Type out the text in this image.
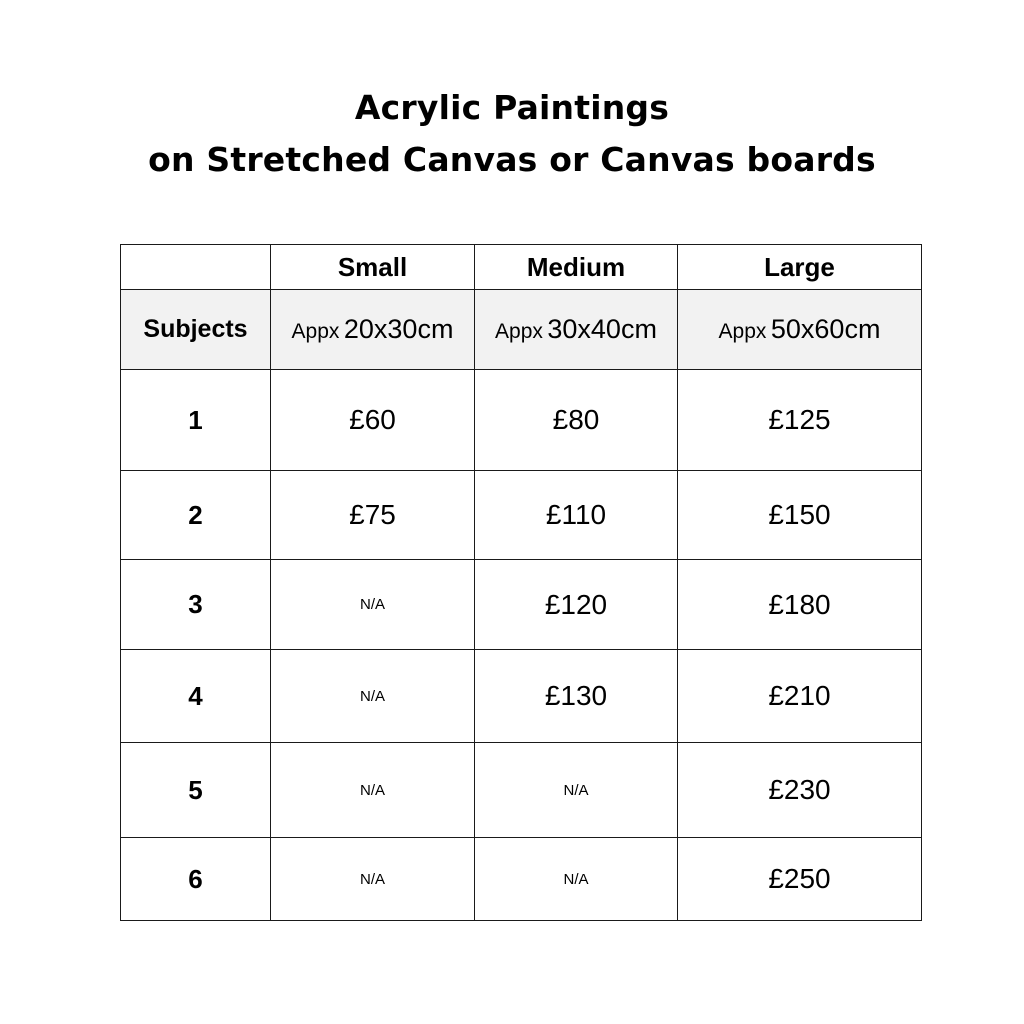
Acrylic Paintings
on Stretched Canvas or Canvas boards
	Small	Medium	Large
Subjects	Appx 20x30cm	Appx 30x40cm	Appx 50x60cm
1	£60	£80	£125
2	£75	£110	£150
3	N/A	£120	£180
4	N/A	£130	£210
5	N/A	N/A	£230
6	N/A	N/A	£250
